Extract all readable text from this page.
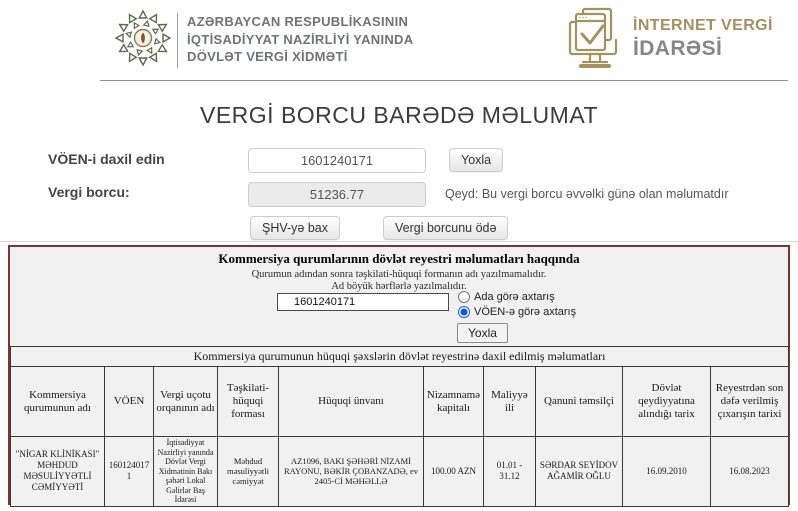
AZƏRBAYCAN RESPUBLİKASININ
İQTİSADİYYAT NAZİRLİYİ YANINDA
DÖVLƏT VERGİ XİDMƏTİ
İNTERNET VERGİ
İDARƏSİ
VERGİ BORCU BARƏDƏ MƏLUMAT
VÖEN-i daxil edin
1601240171	Yoxla
Vergi borcu:
51236.77	Qeyd: Bu vergi borcu əvvəlki günə olan məlumatdır
ŞHV-yə bax	Vergi borcunu ödə
Kommersiya qurumlarının dövlət reyestri məlumatları haqqında
Qurumun adından sonra təşkilati-hüquqi formanın adı yazılmamalıdır.
Ad böyük hərflərlə yazılmalıdır.
1601240171
Ada görə axtarış
VÖEN-ə görə axtarış
Yoxla
Kommersiya qurumunun hüquqi şəxslərin dövlət reyestrinə daxil edilmiş məlumatları									
Kommersiya qurumunun adı	VÖEN	Vergi uçotu orqanının adı	Təşkilati-hüquqi forması	Hüquqi ünvanı	Nizamnamə kapitalı	Maliyyə ili	Qanuni təmsilçi	Dövlət qeydiyyatına alındığı tarix	Reyestrdən son dəfə verilmiş çıxarışın tarixi
"NİGAR KLİNİKASI" MƏHDUD MƏSULİYYƏTLİ CƏMİYYƏTİ	1601240171	İqtisadiyyat Nazirliyi yanında Dövlət Vergi Xidmətinin Bakı şəhəri Lokal Gəlirlər Baş İdarəsi	Məhdud məsuliyyətli cəmiyyət	AZ1096, BAKI ŞƏHƏRİ NİZAMİ RAYONU, BƏKİR ÇOBANZADƏ, ev 2405-Cİ MƏHƏLLƏ	100.00 AZN	01.01 - 31.12	SƏRDAR SEYİDOV AĞAMİR OĞLU	16.09.2010	16.08.2023
